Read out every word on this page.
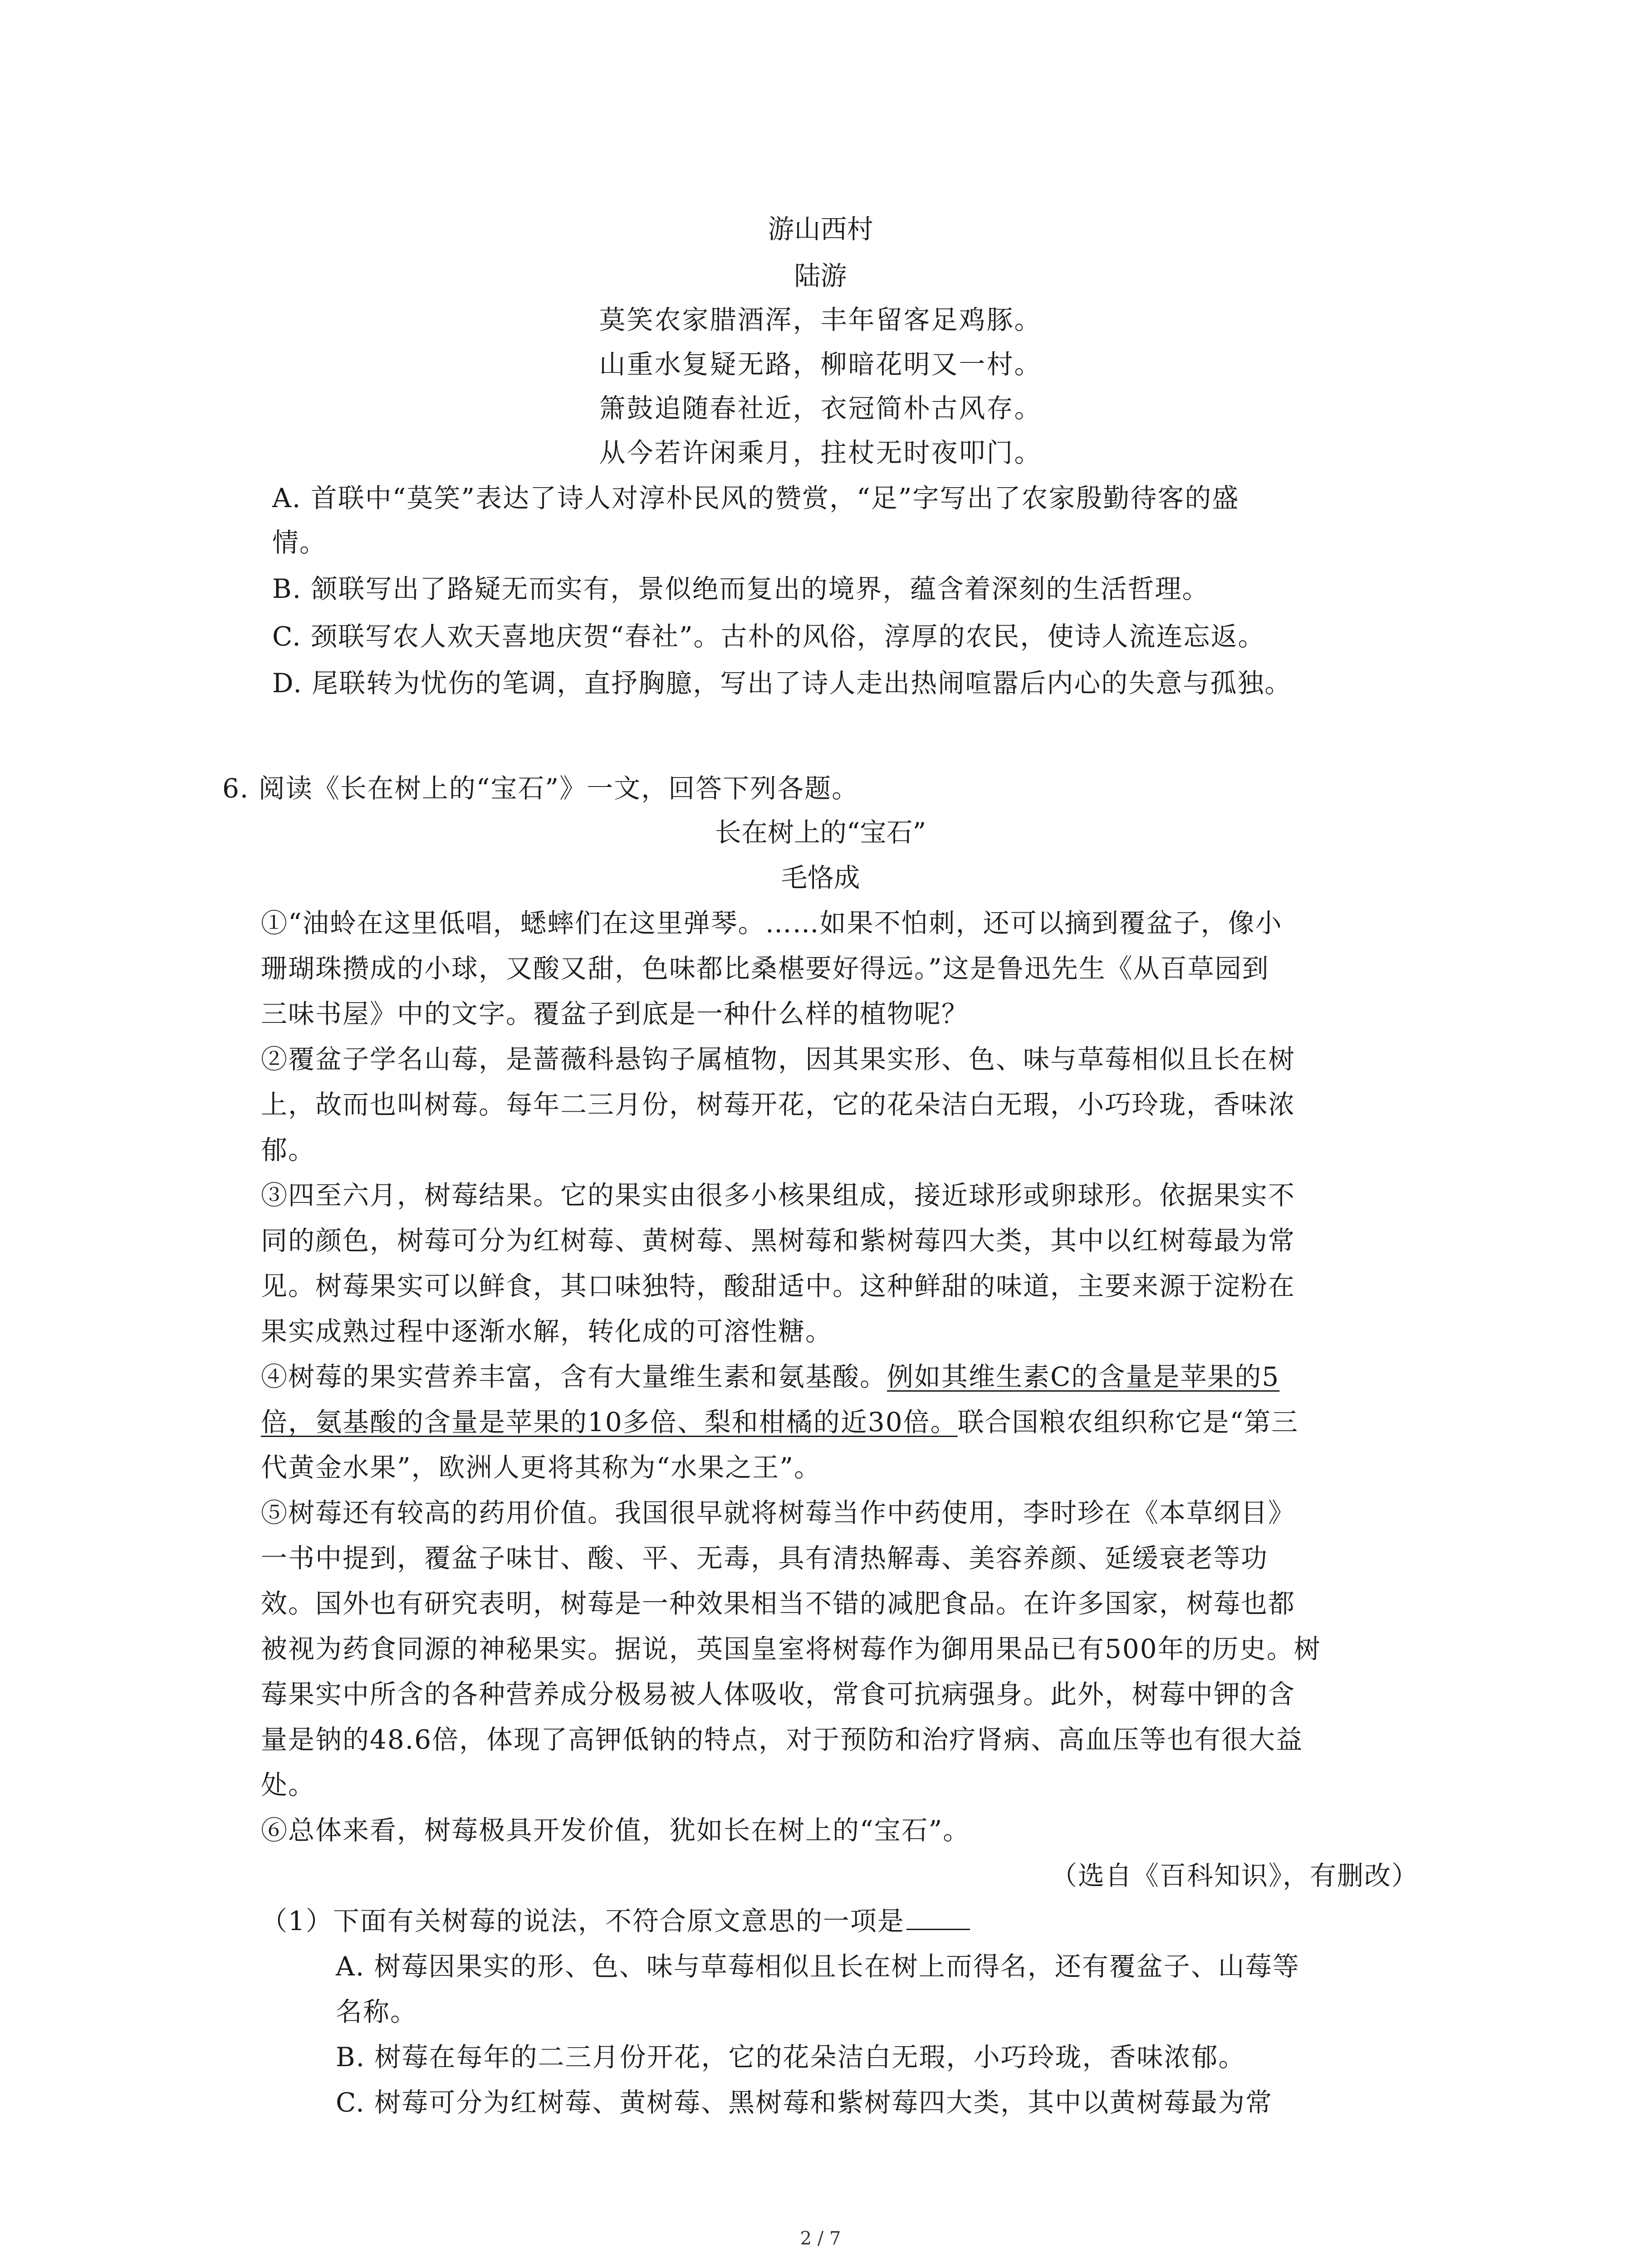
游山西村
陆游
莫笑农家腊酒浑，丰年留客足鸡豚。
山重水复疑无路，柳暗花明又一村。
箫鼓追随春社近，衣冠简朴古风存。
从今若许闲乘月，拄杖无时夜叩门。
A. 首联中“莫笑”表达了诗人对淳朴民风的赞赏，“足”字写出了农家殷勤待客的盛
情。
B. 颔联写出了路疑无而实有，景似绝而复出的境界，蕴含着深刻的生活哲理。
C. 颈联写农人欢天喜地庆贺“春社”。古朴的风俗，淳厚的农民，使诗人流连忘返。
D. 尾联转为忧伤的笔调，直抒胸臆，写出了诗人走出热闹喧嚣后内心的失意与孤独。
6. 阅读《长在树上的“宝石”》一文，回答下列各题。
长在树上的“宝石”
毛恪成
①“油蛉在这里低唱，蟋蟀们在这里弹琴。……如果不怕刺，还可以摘到覆盆子，像小
珊瑚珠攒成的小球，又酸又甜，色味都比桑椹要好得远。”这是鲁迅先生《从百草园到
三味书屋》中的文字。覆盆子到底是一种什么样的植物呢？
②覆盆子学名山莓，是蔷薇科悬钩子属植物，因其果实形、色、味与草莓相似且长在树
上，故而也叫树莓。每年二三月份，树莓开花，它的花朵洁白无瑕，小巧玲珑，香味浓
郁。
③四至六月，树莓结果。它的果实由很多小核果组成，接近球形或卵球形。依据果实不
同的颜色，树莓可分为红树莓、黄树莓、黑树莓和紫树莓四大类，其中以红树莓最为常
见。树莓果实可以鲜食，其口味独特，酸甜适中。这种鲜甜的味道，主要来源于淀粉在
果实成熟过程中逐渐水解，转化成的可溶性糖。
④树莓的果实营养丰富，含有大量维生素和氨基酸。例如其维生素C的含量是苹果的5
倍，氨基酸的含量是苹果的10多倍、梨和柑橘的近30倍。联合国粮农组织称它是“第三
代黄金水果”，欧洲人更将其称为“水果之王”。
⑤树莓还有较高的药用价值。我国很早就将树莓当作中药使用，李时珍在《本草纲目》
一书中提到，覆盆子味甘、酸、平、无毒，具有清热解毒、美容养颜、延缓衰老等功
效。国外也有研究表明，树莓是一种效果相当不错的减肥食品。在许多国家，树莓也都
被视为药食同源的神秘果实。据说，英国皇室将树莓作为御用果品已有500年的历史。树
莓果实中所含的各种营养成分极易被人体吸收，常食可抗病强身。此外，树莓中钾的含
量是钠的48.6倍，体现了高钾低钠的特点，对于预防和治疗肾病、高血压等也有很大益
处。
⑥总体来看，树莓极具开发价值，犹如长在树上的“宝石”。
（选自《百科知识》，有删改）
（1）下面有关树莓的说法，不符合原文意思的一项是
A. 树莓因果实的形、色、味与草莓相似且长在树上而得名，还有覆盆子、山莓等
名称。
B. 树莓在每年的二三月份开花，它的花朵洁白无瑕，小巧玲珑，香味浓郁。
C. 树莓可分为红树莓、黄树莓、黑树莓和紫树莓四大类，其中以黄树莓最为常
2 / 7
